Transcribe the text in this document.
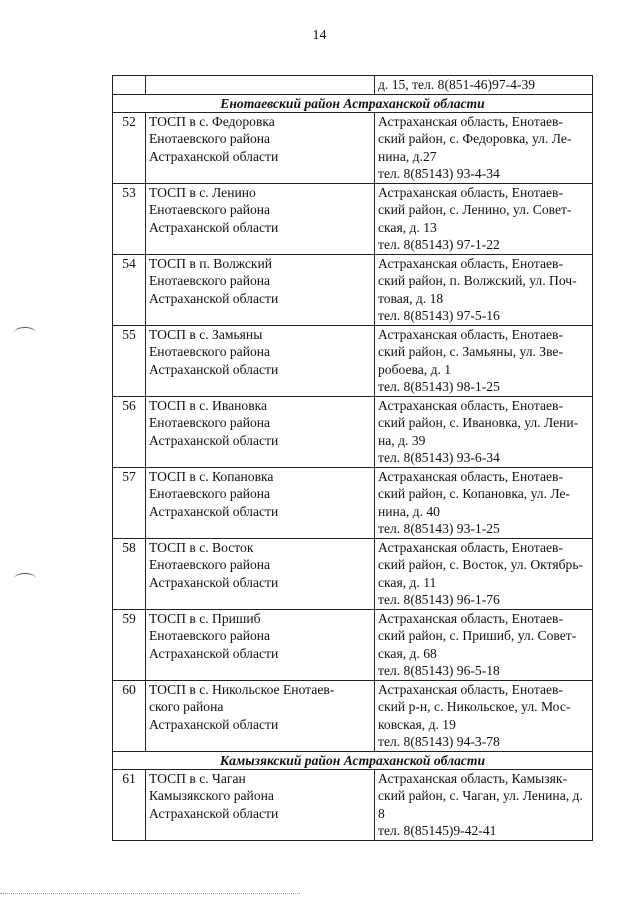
14

		д. 15, тел. 8(851-46)97-4-39

Енотаевский район Астраханской области		
52	ТОСП в с. Федоровка
Енотаевского района
Астраханской области	Астраханская область, Енотаев-
ский район, с. Федоровка, ул. Ле-
нина, д.27
тел. 8(85143) 93-4-34

53	ТОСП в с. Ленино
Енотаевского района
Астраханской области	Астраханская область, Енотаев-
ский район, с. Ленино, ул. Совет-
ская, д. 13
тел. 8(85143) 97-1-22

54	ТОСП в п. Волжский
Енотаевского района
Астраханской области	Астраханская область, Енотаев-
ский район, п. Волжский, ул. Поч-
товая, д. 18
тел. 8(85143) 97-5-16

55	ТОСП в с. Замьяны
Енотаевского района
Астраханской области	Астраханская область, Енотаев-
ский район, с. Замьяны, ул. Зве-
робоева, д. 1
тел. 8(85143) 98-1-25

56	ТОСП в с. Ивановка
Енотаевского района
Астраханской области	Астраханская область, Енотаев-
ский район, с. Ивановка, ул. Лени-
на, д. 39
тел. 8(85143) 93-6-34

57	ТОСП в с. Копановка
Енотаевского района
Астраханской области	Астраханская область, Енотаев-
ский район, с. Копановка, ул. Ле-
нина, д. 40
тел. 8(85143) 93-1-25

58	ТОСП в с. Восток
Енотаевского района
Астраханской области	Астраханская область, Енотаев-
ский район, с. Восток, ул. Октябрь-
ская, д. 11
тел. 8(85143) 96-1-76

59	ТОСП в с. Пришиб
Енотаевского района
Астраханской области	Астраханская область, Енотаев-
ский район, с. Пришиб, ул. Совет-
ская, д. 68
тел. 8(85143) 96-5-18

60	ТОСП в с. Никольское Енотаев-
ского района
Астраханской области	Астраханская область, Енотаев-
ский р-н, с. Никольское, ул. Мос-
ковская, д. 19
тел. 8(85143) 94-3-78

Камызякский район Астраханской области		
61	ТОСП в с. Чаган
Камызякского района
Астраханской области	Астраханская область, Камызяк-
ский район, с. Чаган, ул. Ленина, д.
8
тел. 8(85145)9-42-41
